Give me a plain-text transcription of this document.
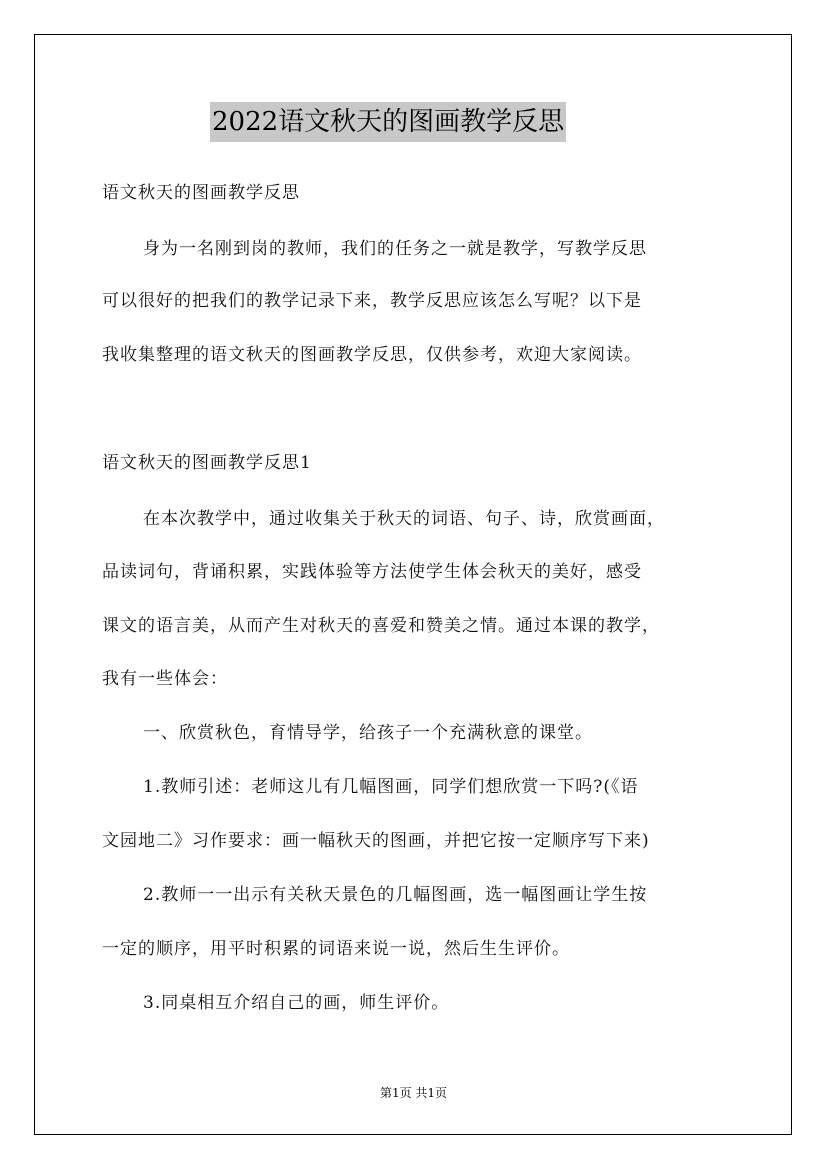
2022语文秋天的图画教学反思
语文秋天的图画教学反思
身为一名刚到岗的教师，我们的任务之一就是教学，写教学反思
可以很好的把我们的教学记录下来，教学反思应该怎么写呢？以下是
我收集整理的语文秋天的图画教学反思，仅供参考，欢迎大家阅读。
语文秋天的图画教学反思1
在本次教学中，通过收集关于秋天的词语、句子、诗，欣赏画面，
品读词句，背诵积累，实践体验等方法使学生体会秋天的美好，感受
课文的语言美，从而产生对秋天的喜爱和赞美之情。通过本课的教学，
我有一些体会：
一、欣赏秋色，育情导学，给孩子一个充满秋意的课堂。
1.教师引述：老师这儿有几幅图画，同学们想欣赏一下吗?(《语
文园地二》习作要求：画一幅秋天的图画，并把它按一定顺序写下来)
2.教师一一出示有关秋天景色的几幅图画，选一幅图画让学生按
一定的顺序，用平时积累的词语来说一说，然后生生评价。
3.同桌相互介绍自己的画，师生评价。
第1页 共1页
